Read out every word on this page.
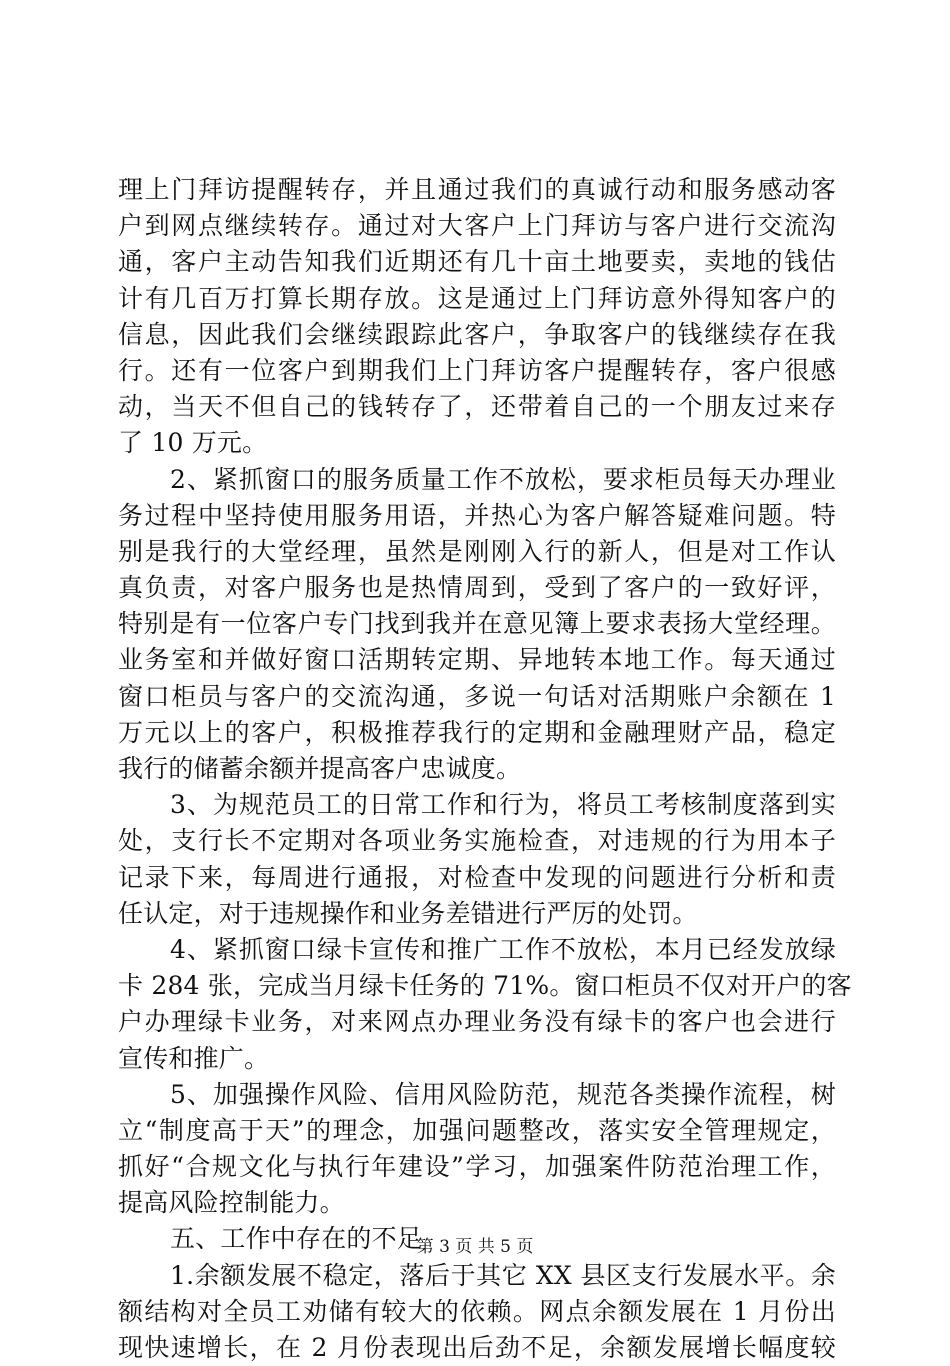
理上门拜访提醒转存，并且通过我们的真诚行动和服务感动客
户到网点继续转存。通过对大客户上门拜访与客户进行交流沟
通，客户主动告知我们近期还有几十亩土地要卖，卖地的钱估
计有几百万打算长期存放。这是通过上门拜访意外得知客户的
信息，因此我们会继续跟踪此客户，争取客户的钱继续存在我
行。还有一位客户到期我们上门拜访客户提醒转存，客户很感
动，当天不但自己的钱转存了，还带着自己的一个朋友过来存
了 10 万元。
2、紧抓窗口的服务质量工作不放松，要求柜员每天办理业
务过程中坚持使用服务用语，并热心为客户解答疑难问题。特
别是我行的大堂经理，虽然是刚刚入行的新人，但是对工作认
真负责，对客户服务也是热情周到，受到了客户的一致好评，
特别是有一位客户专门找到我并在意见簿上要求表扬大堂经理。
业务室和并做好窗口活期转定期、异地转本地工作。每天通过
窗口柜员与客户的交流沟通，多说一句话对活期账户余额在 1
万元以上的客户，积极推荐我行的定期和金融理财产品，稳定
我行的储蓄余额并提高客户忠诚度。
3、为规范员工的日常工作和行为，将员工考核制度落到实
处，支行长不定期对各项业务实施检查，对违规的行为用本子
记录下来，每周进行通报，对检查中发现的问题进行分析和责
任认定，对于违规操作和业务差错进行严厉的处罚。
4、紧抓窗口绿卡宣传和推广工作不放松，本月已经发放绿
卡 284 张，完成当月绿卡任务的 71%。窗口柜员不仅对开户的客
户办理绿卡业务，对来网点办理业务没有绿卡的客户也会进行
宣传和推广。
5、加强操作风险、信用风险防范，规范各类操作流程，树
立“制度高于天”的理念，加强问题整改，落实安全管理规定，
抓好“合规文化与执行年建设”学习，加强案件防范治理工作，
提高风险控制能力。
五、工作中存在的不足
1.余额发展不稳定，落后于其它 XX 县区支行发展水平。余
额结构对全员工劝储有较大的依赖。网点余额发展在 1 月份出
现快速增长，在 2 月份表现出后劲不足，余额发展增长幅度较
第 3 页 共 5 页
